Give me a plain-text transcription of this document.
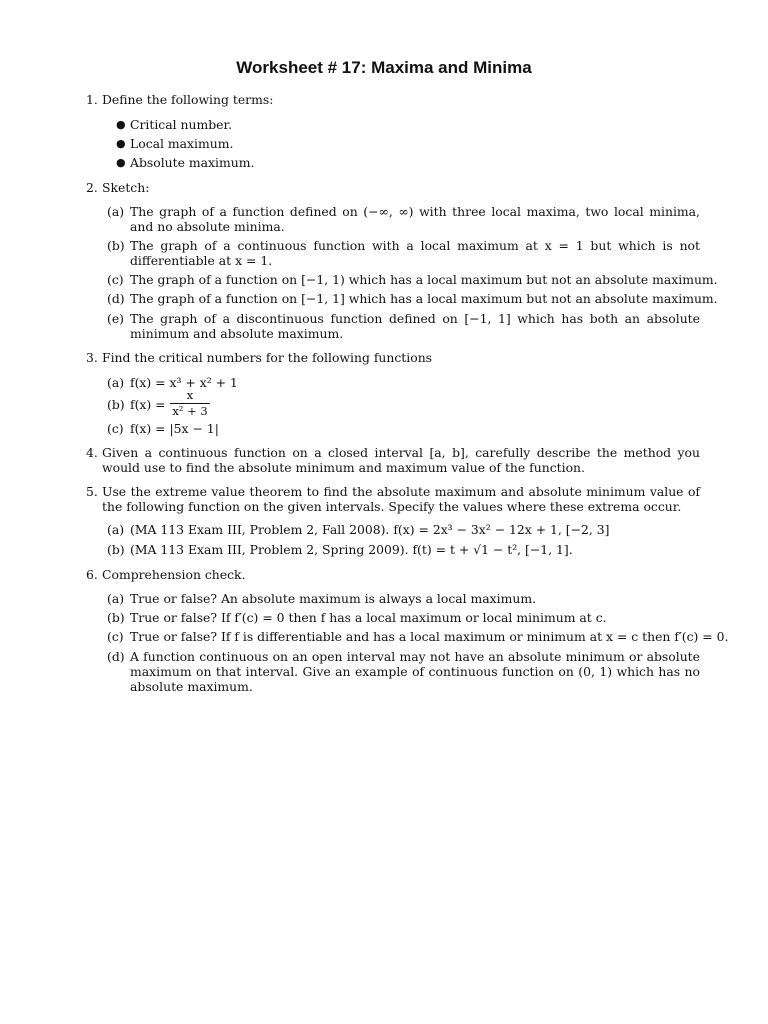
Worksheet # 17: Maxima and Minima
1. Define the following terms:
● Critical number.
● Local maximum.
● Absolute maximum.
2. Sketch:
(a) The graph of a function defined on (−∞, ∞) with three local maxima, two local minima, and no absolute minima.
(b) The graph of a continuous function with a local maximum at x = 1 but which is not differentiable at x = 1.
(c) The graph of a function on [−1, 1) which has a local maximum but not an absolute maximum.
(d) The graph of a function on [−1, 1] which has a local maximum but not an absolute maximum.
(e) The graph of a discontinuous function defined on [−1, 1] which has both an absolute minimum and absolute maximum.
3. Find the critical numbers for the following functions
(a) f(x) = x³ + x² + 1
(b) f(x) =
x
x² + 3
(c) f(x) = |5x − 1|
4. Given a continuous function on a closed interval [a, b], carefully describe the method you would use to find the absolute minimum and maximum value of the function.
5. Use the extreme value theorem to find the absolute maximum and absolute minimum value of the following function on the given intervals. Specify the values where these extrema occur.
(a) (MA 113 Exam III, Problem 2, Fall 2008). f(x) = 2x³ − 3x² − 12x + 1, [−2, 3]
(b) (MA 113 Exam III, Problem 2, Spring 2009). f(t) = t + √1 − t², [−1, 1].
6. Comprehension check.
(a) True or false? An absolute maximum is always a local maximum.
(b) True or false? If f′(c) = 0 then f has a local maximum or local minimum at c.
(c) True or false? If f is differentiable and has a local maximum or minimum at x = c then f′(c) = 0.
(d) A function continuous on an open interval may not have an absolute minimum or absolute maximum on that interval. Give an example of continuous function on (0, 1) which has no absolute maximum.
